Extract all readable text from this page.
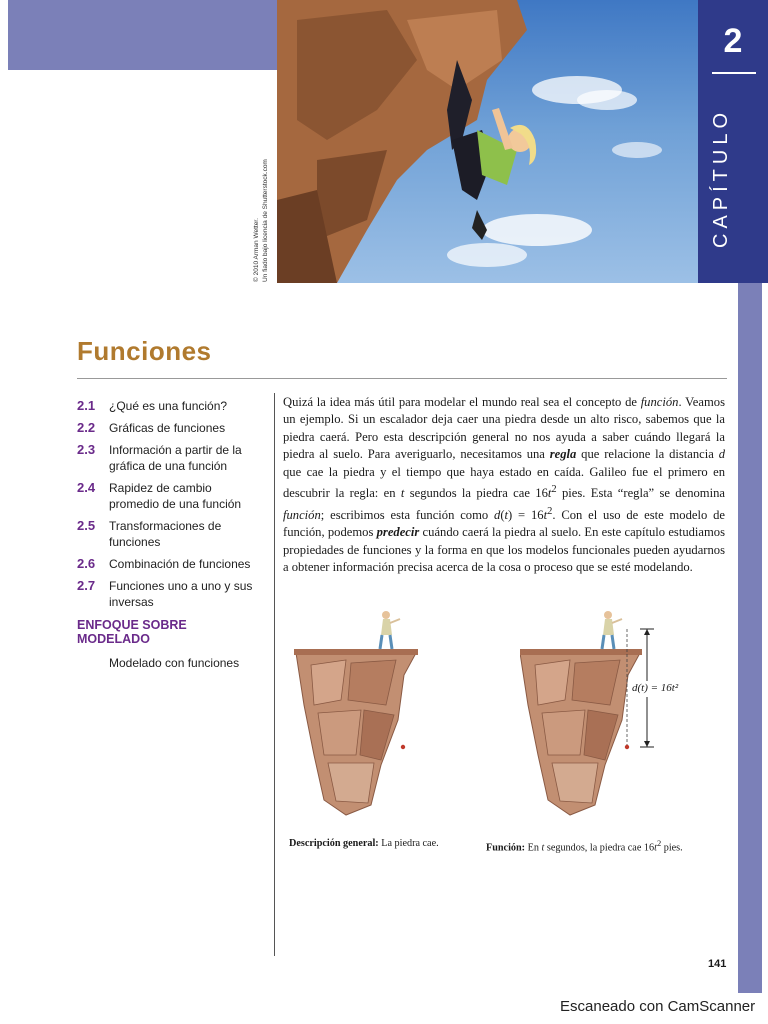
© 2010 Arman Wetter. Un fiado bajo licencia de Shutterstock.com
2
CAPÍTULO
Funciones
2.1	¿Qué es una función?
2.2	Gráficas de funciones
2.3	Información a partir de la gráfica de una función
2.4	Rapidez de cambio promedio de una función
2.5	Transformaciones de funciones
2.6	Combinación de funciones
2.7	Funciones uno a uno y sus inversas
ENFOQUE SOBRE MODELADO
Modelado con funciones
Quizá la idea más útil para modelar el mundo real sea el concepto de función. Veamos un ejemplo. Si un escalador deja caer una piedra desde un alto risco, sabemos que la piedra caerá. Pero esta descripción general no nos ayuda a saber cuándo llegará la piedra al suelo. Para averiguarlo, necesitamos una regla que relacione la distancia d que cae la piedra y el tiempo que haya estado en caída. Galileo fue el primero en descubrir la regla: en t segundos la piedra cae $16t^2$ pies. Esta “regla” se denomina función; escribimos esta función como $d(t) = 16t^2$. Con el uso de este modelo de función, podemos predecir cuándo caerá la piedra al suelo. En este capítulo estudiamos propiedades de funciones y la forma en que los modelos funcionales pueden ayudarnos a obtener información precisa acerca de la cosa o proceso que se esté modelando.
d(t) = 16t²
Descripción general: La piedra cae.	Función: En t segundos, la piedra cae $16t^2$ pies.
141
Escaneado con CamScanner
